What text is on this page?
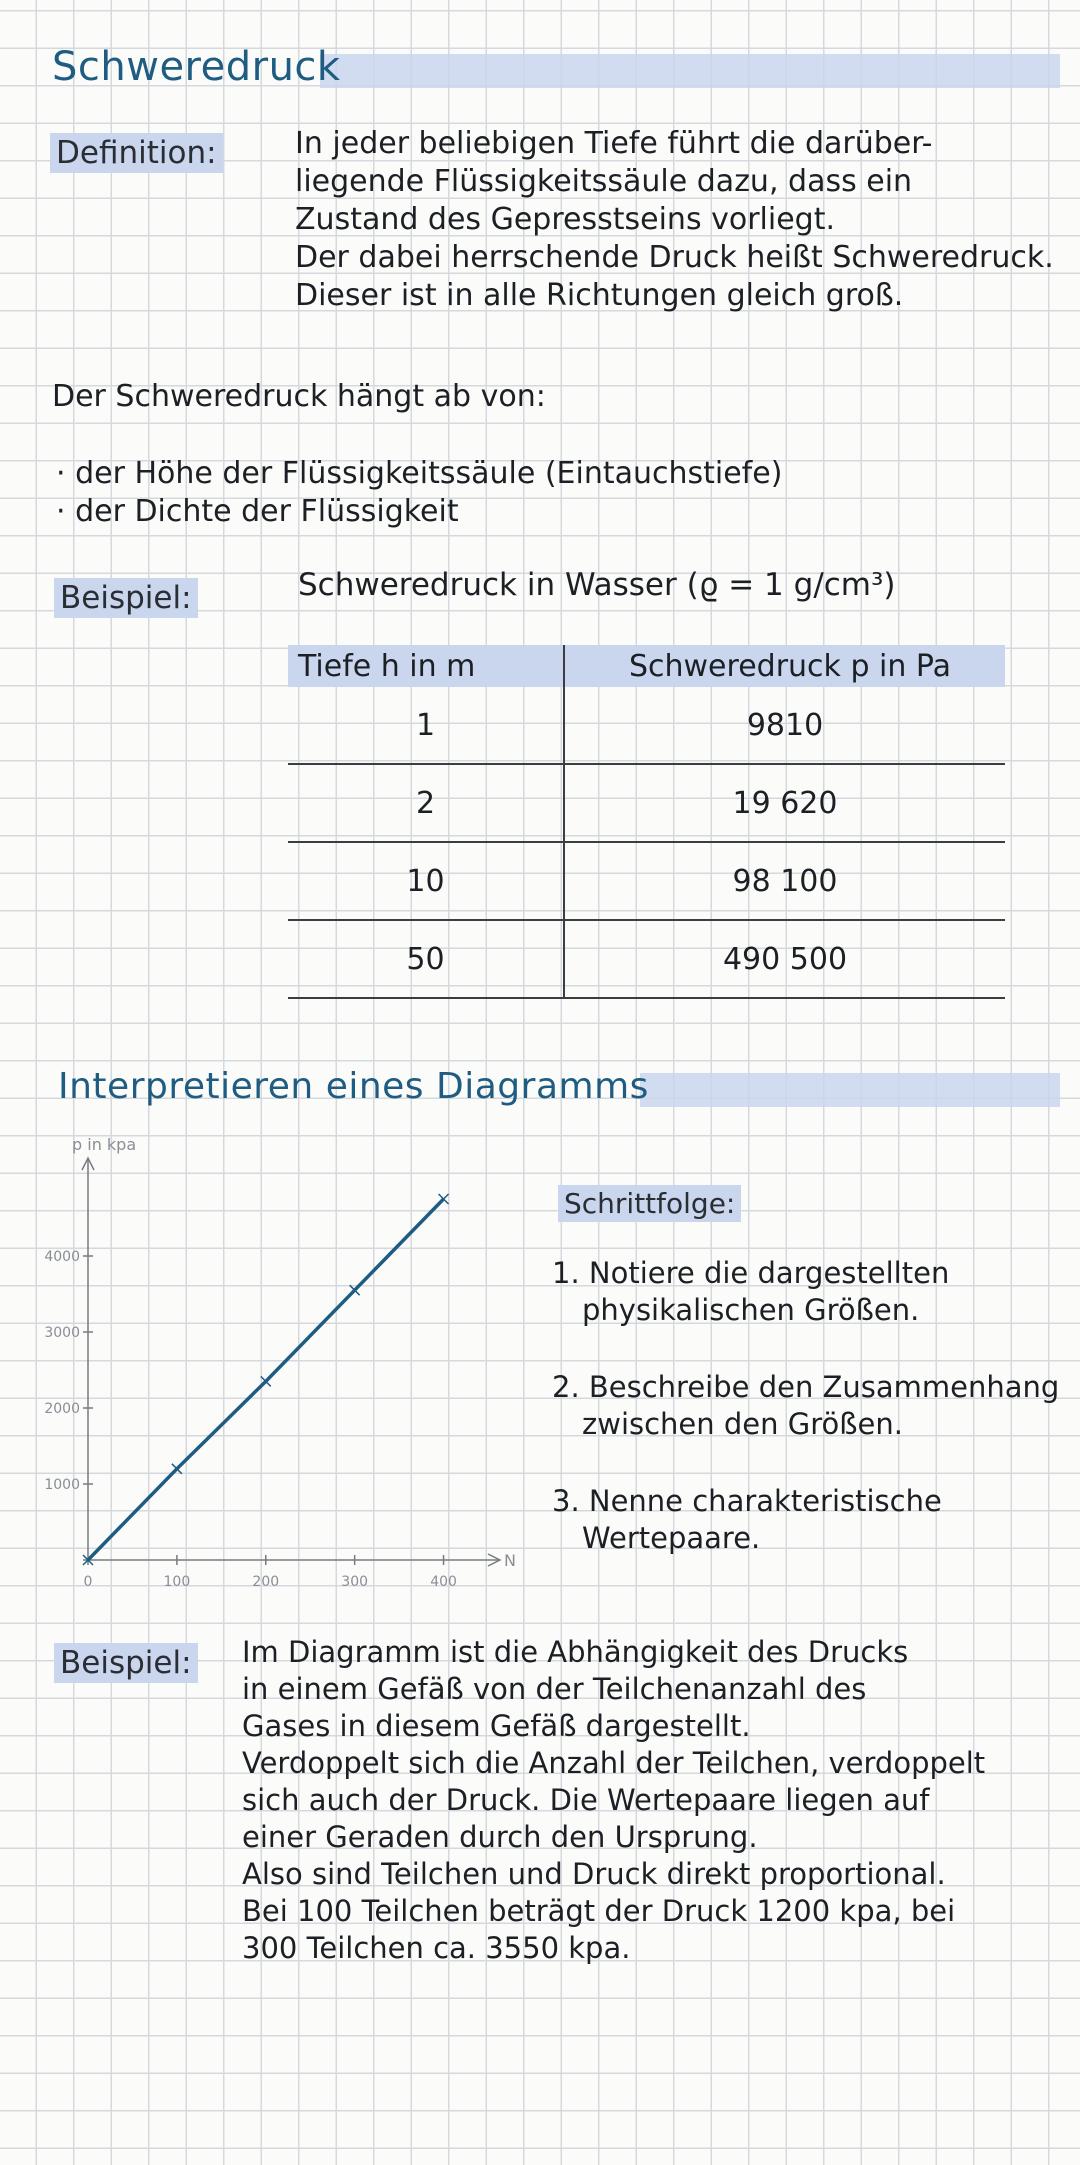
Schweredruck
Definition:	In jeder beliebigen Tiefe führt die darüber-
liegende Flüssigkeitssäule dazu, dass ein
Zustand des Gepresstseins vorliegt.
Der dabei herrschende Druck heißt Schweredruck.
Dieser ist in alle Richtungen gleich groß.
Der Schweredruck hängt ab von:
· der Höhe der Flüssigkeitssäule (Eintauchstiefe)
· der Dichte der Flüssigkeit
Beispiel:	Schweredruck in Wasser (ϱ = 1 g/cm³)
Tiefe h in m	Schweredruck p in Pa
1	9810
2	19 620
10	98 100
50	490 500
Interpretieren eines Diagramms
p in kpa
N
1000
2000
3000
4000
100	200	300	400
0
Schrittfolge:
1. Notiere die dargestellten
physikalischen Größen.
2. Beschreibe den Zusammenhang
zwischen den Größen.
3. Nenne charakteristische
Wertepaare.
Beispiel: Im Diagramm ist die Abhängigkeit des Drucks
in einem Gefäß von der Teilchenanzahl des
Gases in diesem Gefäß dargestellt.
Verdoppelt sich die Anzahl der Teilchen, verdoppelt
sich auch der Druck. Die Wertepaare liegen auf
einer Geraden durch den Ursprung.
Also sind Teilchen und Druck direkt proportional.
Bei 100 Teilchen beträgt der Druck 1200 kpa, bei
300 Teilchen ca. 3550 kpa.
